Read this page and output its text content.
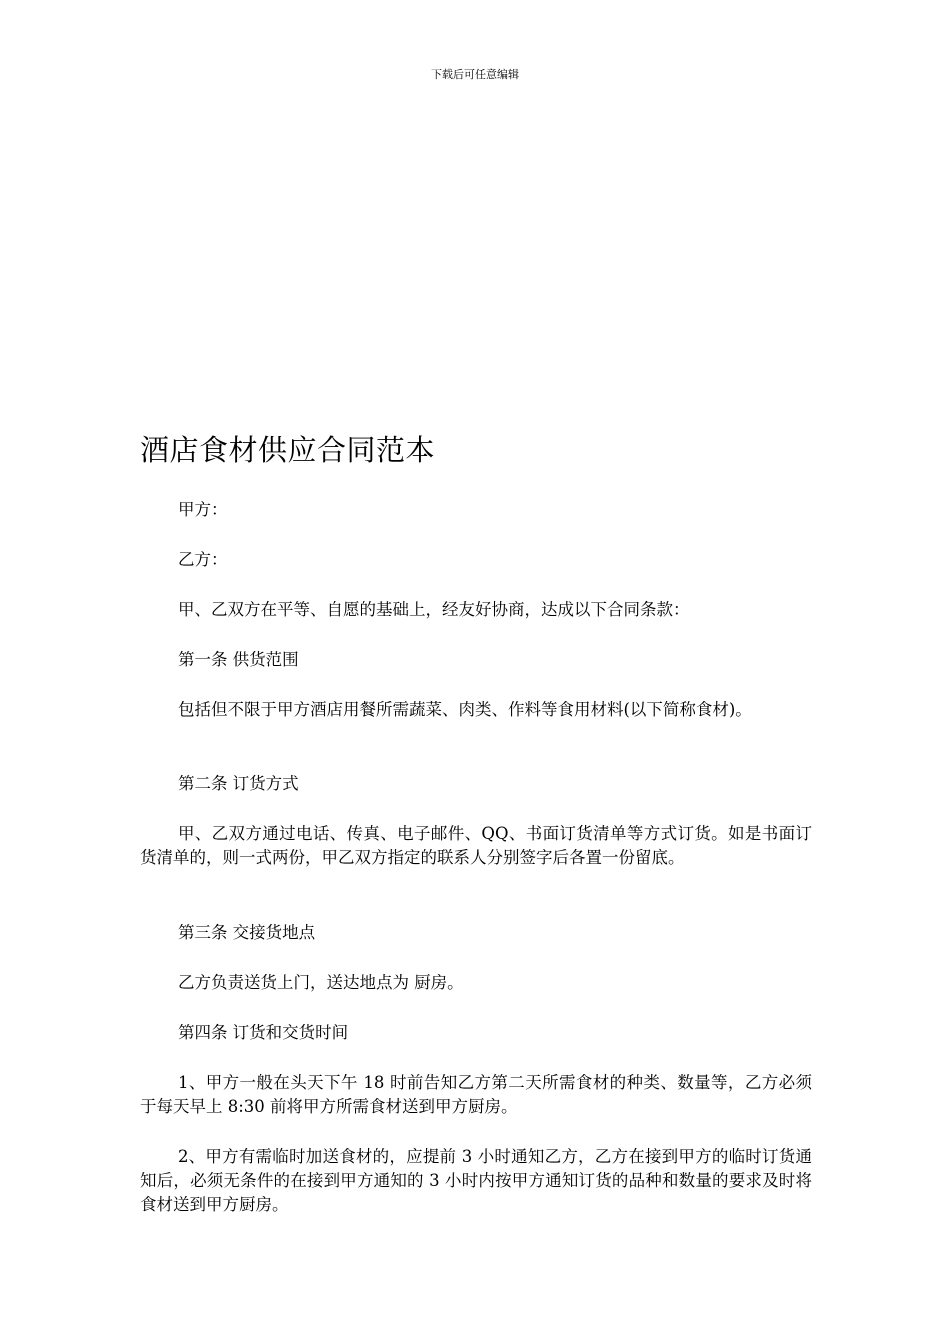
下载后可任意编辑
酒店食材供应合同范本

甲方：

乙方：

甲、乙双方在平等、自愿的基础上，经友好协商，达成以下合同条款：

第一条 供货范围

包括但不限于甲方酒店用餐所需蔬菜、肉类、作料等食用材料(以下简称食材)。

第二条 订货方式

甲、乙双方通过电话、传真、电子邮件、QQ、书面订货清单等方式订货。如是书面订货清单的，则一式两份，甲乙双方指定的联系人分别签字后各置一份留底。

第三条 交接货地点

乙方负责送货上门，送达地点为 厨房。

第四条 订货和交货时间

1、甲方一般在头天下午 18 时前告知乙方第二天所需食材的种类、数量等，乙方必须于每天早上 8:30 前将甲方所需食材送到甲方厨房。

2、甲方有需临时加送食材的，应提前 3 小时通知乙方，乙方在接到甲方的临时订货通知后，必须无条件的在接到甲方通知的 3 小时内按甲方通知订货的品种和数量的要求及时将食材送到甲方厨房。
